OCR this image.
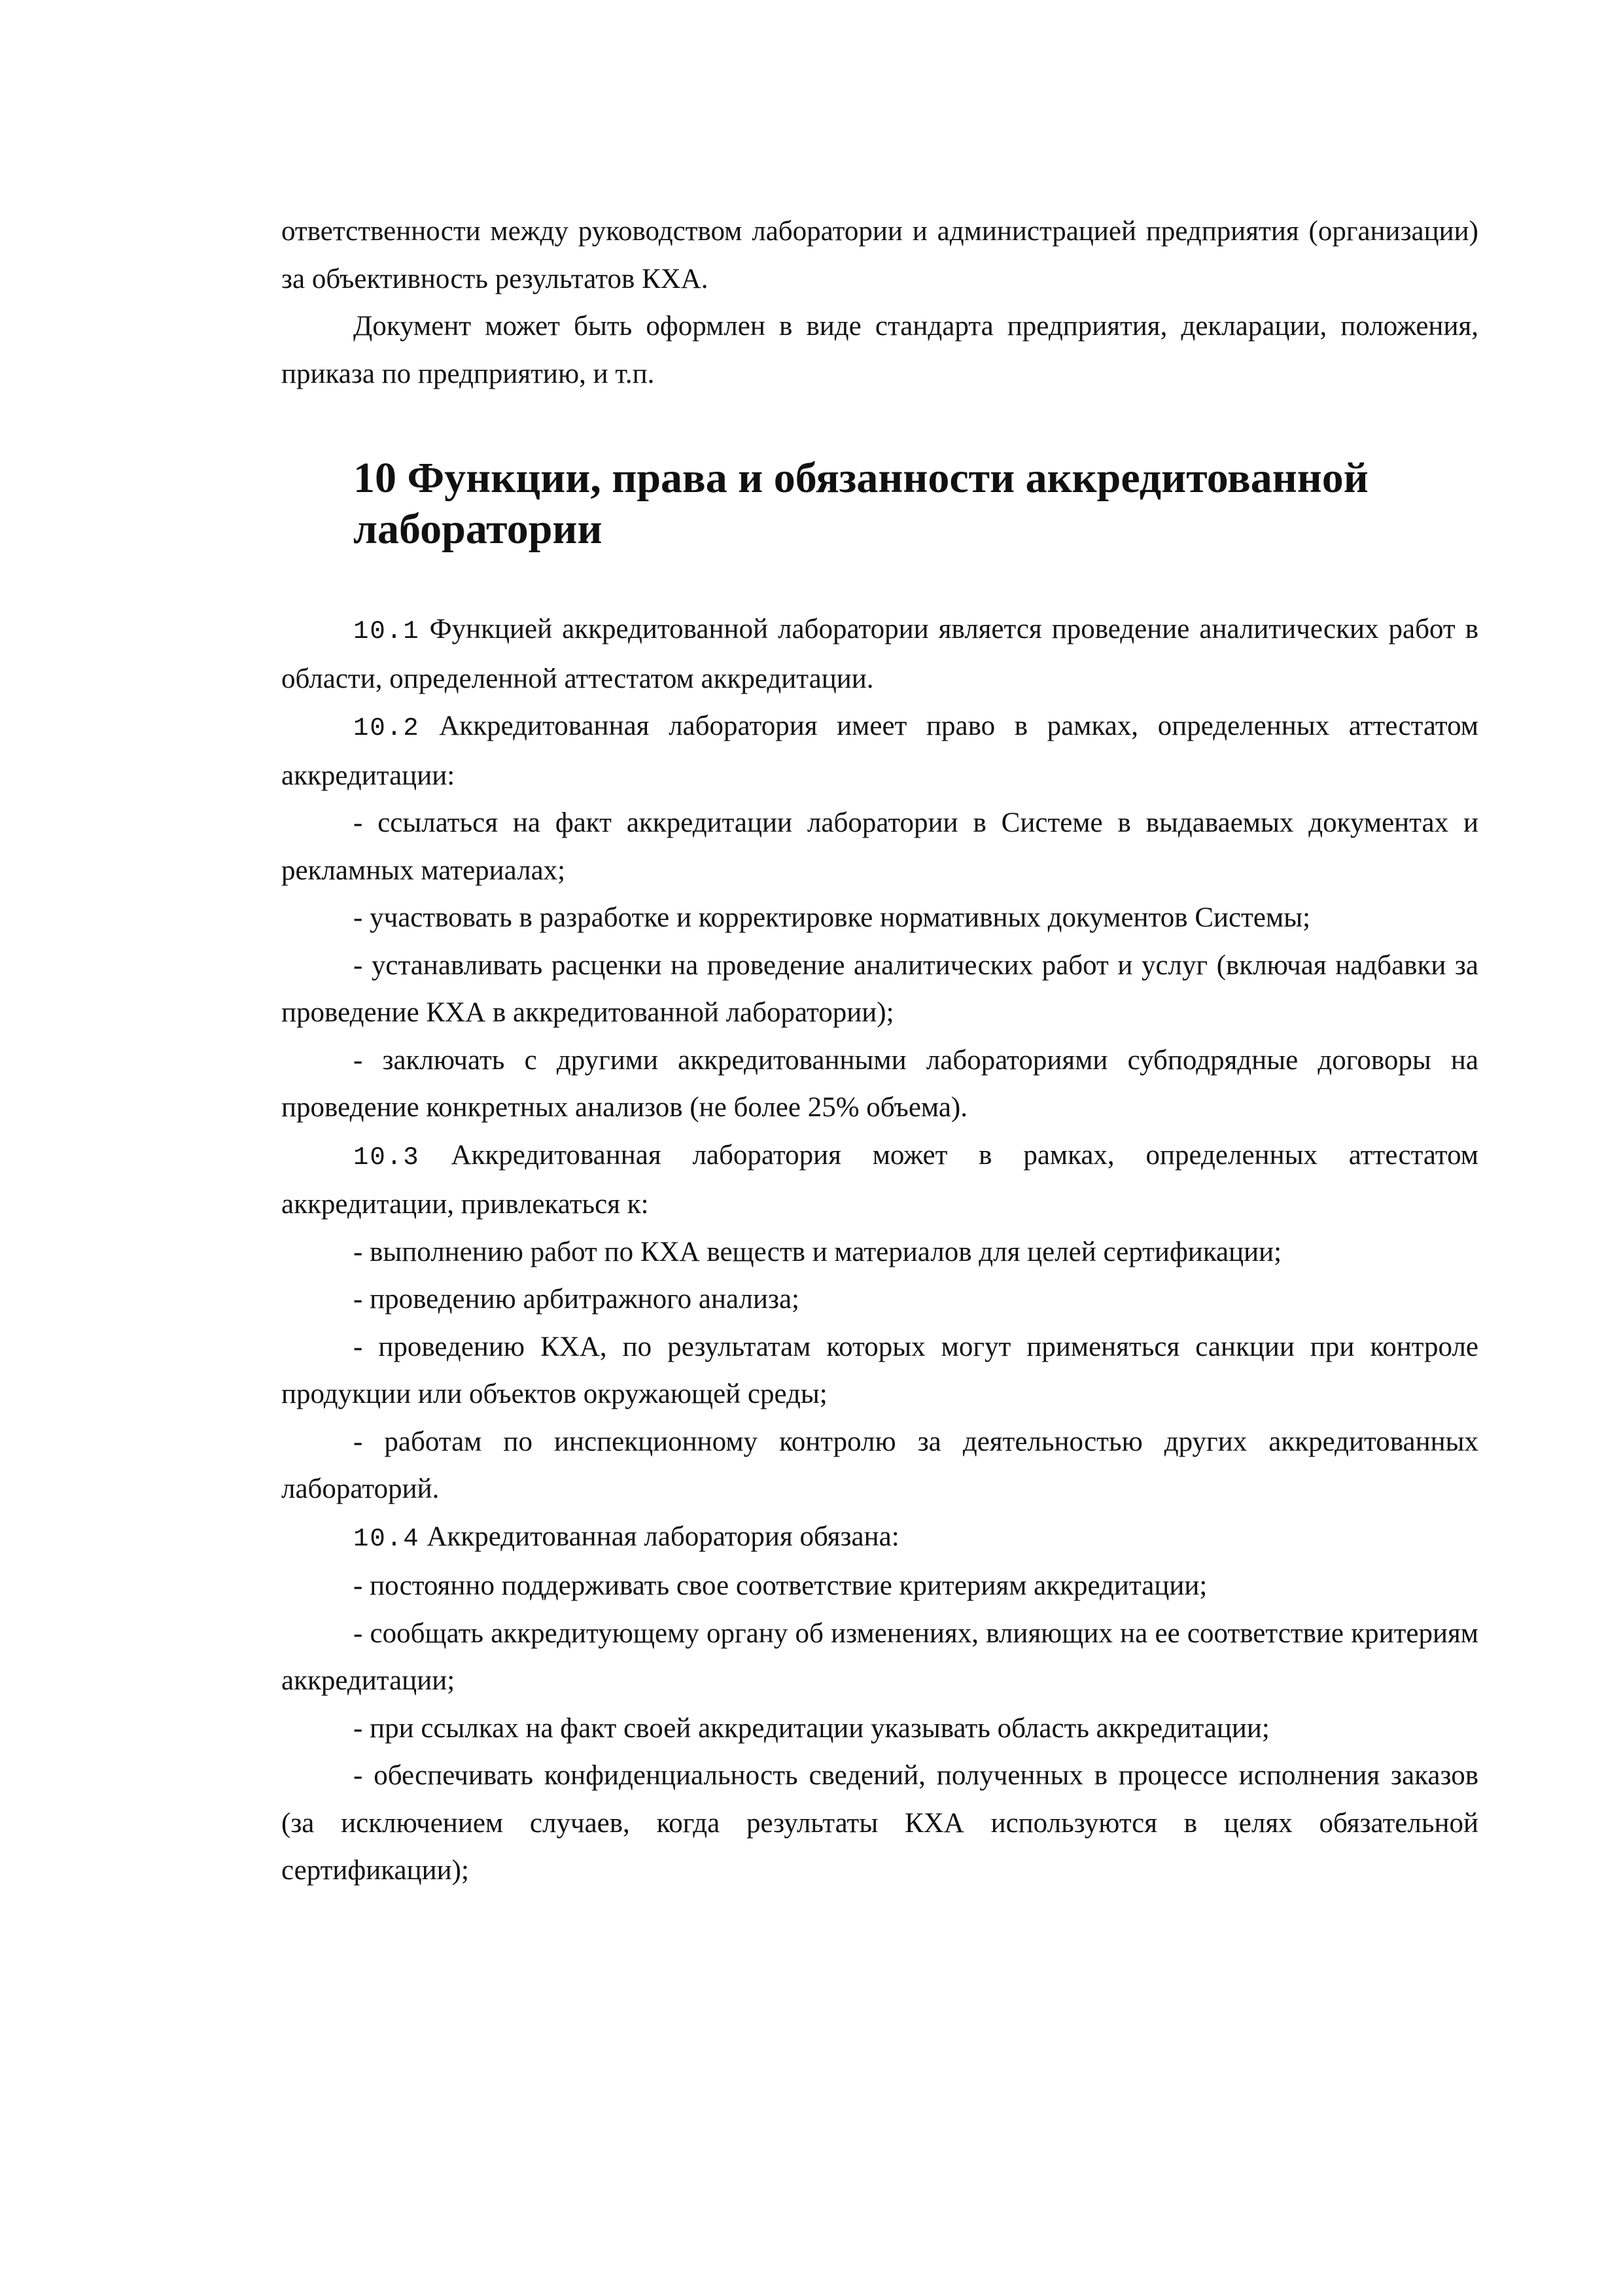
ответственности между руководством лаборатории и администрацией предприятия (организации) за объективность результатов КХА.

Документ может быть оформлен в виде стандарта предприятия, декларации, положения, приказа по предприятию, и т.п.

10 Функции, права и обязанности аккредитованной лаборатории

10.1 Функцией аккредитованной лаборатории является проведение аналитических работ в области, определенной аттестатом аккредитации.

10.2 Аккредитованная лаборатория имеет право в рамках, определенных аттестатом аккредитации:

- ссылаться на факт аккредитации лаборатории в Системе в выдаваемых документах и рекламных материалах;

- участвовать в разработке и корректировке нормативных документов Системы;

- устанавливать расценки на проведение аналитических работ и услуг (включая надбавки за проведение КХА в аккредитованной лаборатории);

- заключать с другими аккредитованными лабораториями субподрядные договоры на проведение конкретных анализов (не более 25% объема).

10.3 Аккредитованная лаборатория может в рамках, определенных аттестатом аккредитации, привлекаться к:

- выполнению работ по КХА веществ и материалов для целей сертификации;

- проведению арбитражного анализа;

- проведению КХА, по результатам которых могут применяться санкции при контроле продукции или объектов окружающей среды;

- работам по инспекционному контролю за деятельностью других аккредитованных лабораторий.

10.4 Аккредитованная лаборатория обязана:

- постоянно поддерживать свое соответствие критериям аккредитации;

- сообщать аккредитующему органу об изменениях, влияющих на ее соответствие критериям аккредитации;

- при ссылках на факт своей аккредитации указывать область аккредитации;

- обеспечивать конфиденциальность сведений, полученных в процессе исполнения заказов (за исключением случаев, когда результаты КХА используются в целях обязательной сертификации);
